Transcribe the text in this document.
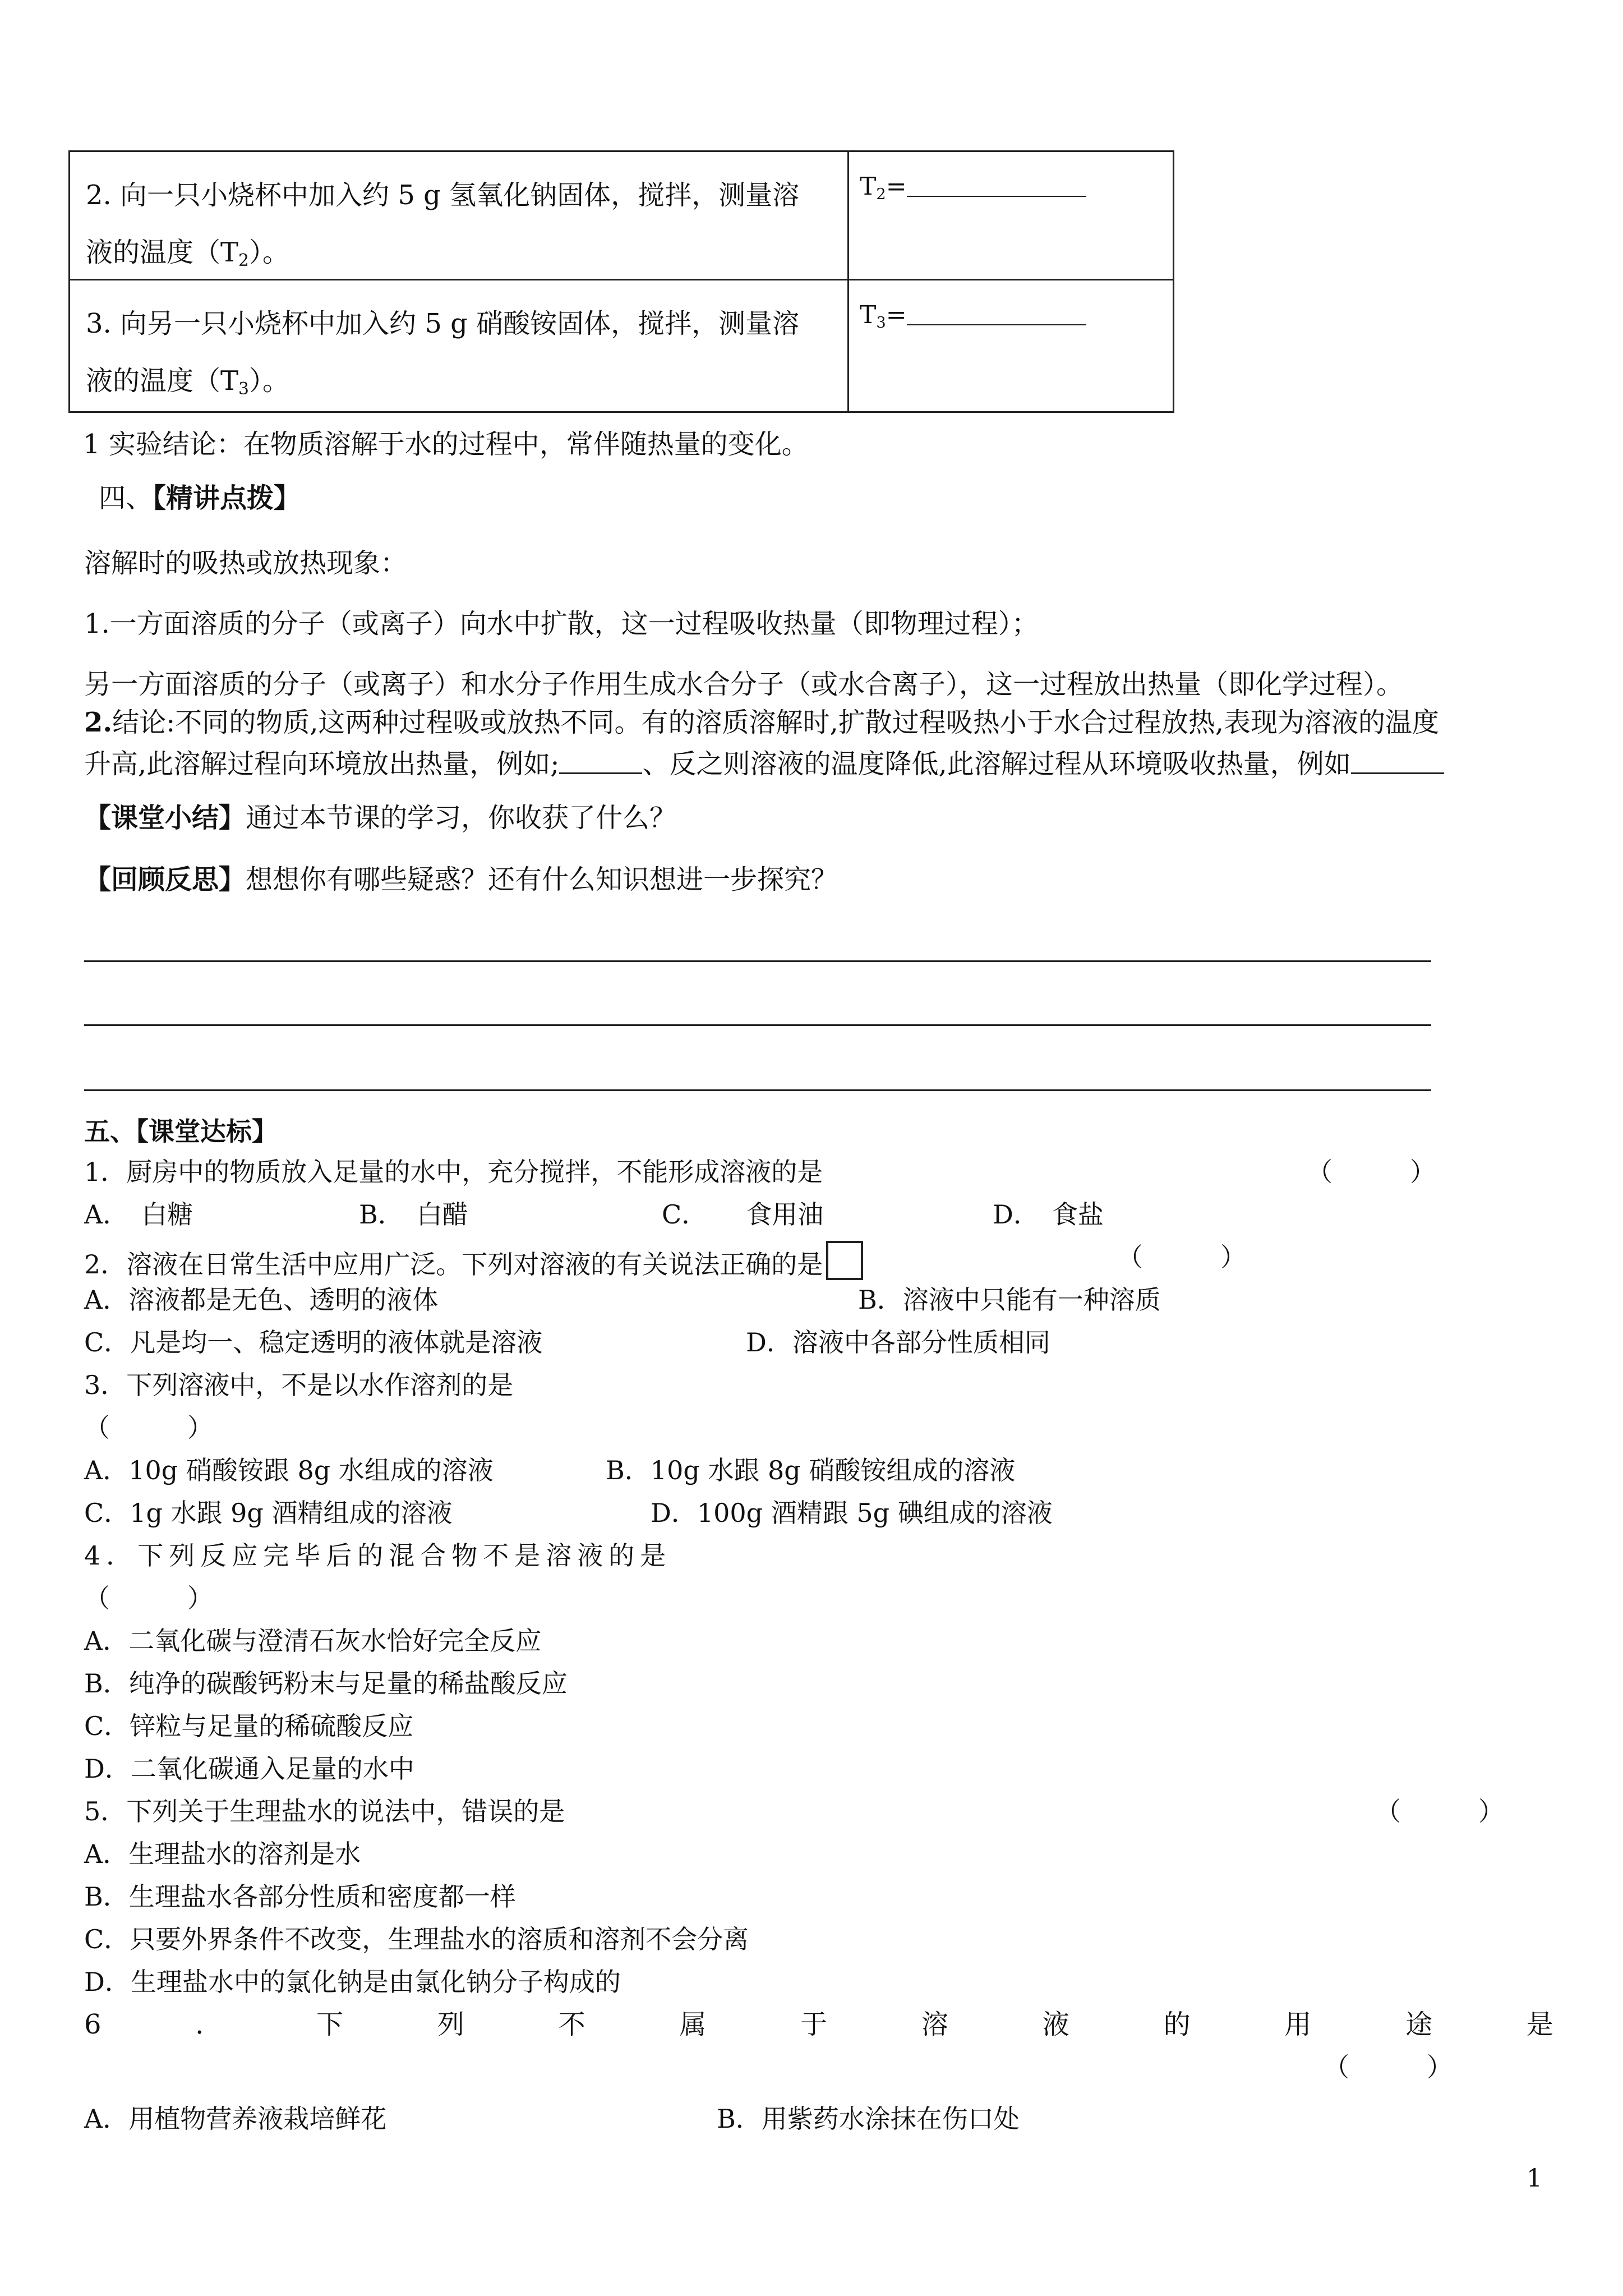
2. 向一只小烧杯中加入约 5 g 氢氧化钠固体，搅拌，测量溶
液的温度$(T_2)$。
$T_2=$
3. 向另一只小烧杯中加入约 5 g 硝酸铵固体，搅拌，测量溶
液的温度$(T_3)$。
$T_3=$
1 实验结论：在物质溶解于水的过程中，常伴随热量的变化。
四、【精讲点拨】
溶解时的吸热或放热现象：
1.一方面溶质的分子（或离子）向水中扩散，这一过程吸收热量（即物理过程）；
另一方面溶质的分子（或离子）和水分子作用生成水合分子（或水合离子），这一过程放出热量（即化学过程）。
2.结论:不同的物质,这两种过程吸或放热不同。有的溶质溶解时,扩散过程吸热小于水合过程放热,表现为溶液的温度
升高,此溶解过程向环境放出热量，例如;	、反之则溶液的温度降低,此溶解过程从环境吸收热量，例如
【课堂小结】通过本节课的学习，你收获了什么？
【回顾反思】想想你有哪些疑惑？还有什么知识想进一步探究？
五、【课堂达标】
1．厨房中的物质放入足量的水中，充分搅拌，不能形成溶液的是	（　　　）
A．　白糖	B．　白醋	C．　　食用油	D．　食盐
2．溶液在日常生活中应用广泛。下列对溶液的有关说法正确的是	（　　　）
A．溶液都是无色、透明的液体	B．溶液中只能有一种溶质
C．凡是均一、稳定透明的液体就是溶液	D．溶液中各部分性质相同
3．下列溶液中，不是以水作溶剂的是
（　　　）
A．10g 硝酸铵跟 8g 水组成的溶液	B．10g 水跟 8g 硝酸铵组成的溶液
C．1g 水跟 9g 酒精组成的溶液	D．100g 酒精跟 5g 碘组成的溶液
4．下列反应完毕后的混合物不是溶液的是
（　　　）
A．二氧化碳与澄清石灰水恰好完全反应
B．纯净的碳酸钙粉末与足量的稀盐酸反应
C．锌粒与足量的稀硫酸反应
D．二氧化碳通入足量的水中
5．下列关于生理盐水的说法中，错误的是	（　　　）
A．生理盐水的溶剂是水
B．生理盐水各部分性质和密度都一样
C．只要外界条件不改变，生理盐水的溶质和溶剂不会分离
D．生理盐水中的氯化钠是由氯化钠分子构成的
6	．	下	列	不	属	于	溶	液	的	用	途	是
（　　　）
A．用植物营养液栽培鲜花	B．用紫药水涂抹在伤口处
1
